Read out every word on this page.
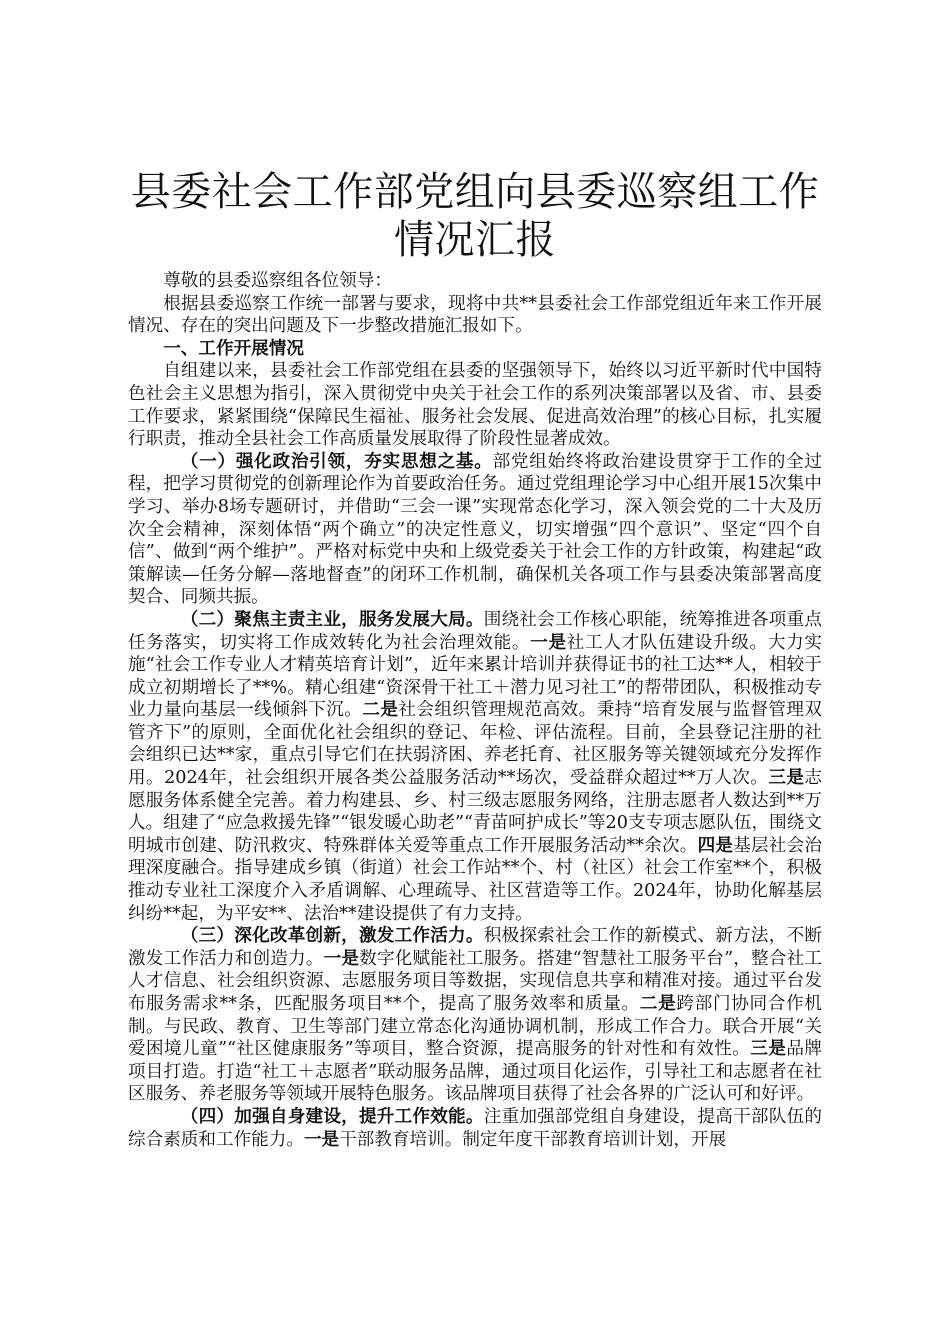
县委社会工作部党组向县委巡察组工作情况汇报

尊敬的县委巡察组各位领导：

根据县委巡察工作统一部署与要求，现将中共**县委社会工作部党组近年来工作开展情况、存在的突出问题及下一步整改措施汇报如下。

一、工作开展情况

自组建以来，县委社会工作部党组在县委的坚强领导下，始终以习近平新时代中国特色社会主义思想为指引，深入贯彻党中央关于社会工作的系列决策部署以及省、市、县委工作要求，紧紧围绕“保障民生福祉、服务社会发展、促进高效治理”的核心目标，扎实履行职责，推动全县社会工作高质量发展取得了阶段性显著成效。

（一）强化政治引领，夯实思想之基。部党组始终将政治建设贯穿于工作的全过程，把学习贯彻党的创新理论作为首要政治任务。通过党组理论学习中心组开展15次集中学习、举办8场专题研讨，并借助“三会一课”实现常态化学习，深入领会党的二十大及历次全会精神，深刻体悟“两个确立”的决定性意义，切实增强“四个意识”、坚定“四个自信”、做到“两个维护”。严格对标党中央和上级党委关于社会工作的方针政策，构建起“政策解读—任务分解—落地督查”的闭环工作机制，确保机关各项工作与县委决策部署高度契合、同频共振。

（二）聚焦主责主业，服务发展大局。围绕社会工作核心职能，统筹推进各项重点任务落实，切实将工作成效转化为社会治理效能。一是社工人才队伍建设升级。大力实施“社会工作专业人才精英培育计划”，近年来累计培训并获得证书的社工达**人，相较于成立初期增长了**%。精心组建“资深骨干社工＋潜力见习社工”的帮带团队，积极推动专业力量向基层一线倾斜下沉。二是社会组织管理规范高效。秉持“培育发展与监督管理双管齐下”的原则，全面优化社会组织的登记、年检、评估流程。目前，全县登记注册的社会组织已达**家，重点引导它们在扶弱济困、养老托育、社区服务等关键领域充分发挥作用。2024年，社会组织开展各类公益服务活动**场次，受益群众超过**万人次。三是志愿服务体系健全完善。着力构建县、乡、村三级志愿服务网络，注册志愿者人数达到**万人。组建了“应急救援先锋”“银发暖心助老”“青苗呵护成长”等20支专项志愿队伍，围绕文明城市创建、防汛救灾、特殊群体关爱等重点工作开展服务活动**余次。四是基层社会治理深度融合。指导建成乡镇（街道）社会工作站**个、村（社区）社会工作室**个，积极推动专业社工深度介入矛盾调解、心理疏导、社区营造等工作。2024年，协助化解基层纠纷**起，为平安**、法治**建设提供了有力支持。

（三）深化改革创新，激发工作活力。积极探索社会工作的新模式、新方法，不断激发工作活力和创造力。一是数字化赋能社工服务。搭建“智慧社工服务平台”，整合社工人才信息、社会组织资源、志愿服务项目等数据，实现信息共享和精准对接。通过平台发布服务需求**条，匹配服务项目**个，提高了服务效率和质量。二是跨部门协同合作机制。与民政、教育、卫生等部门建立常态化沟通协调机制，形成工作合力。联合开展“关爱困境儿童”“社区健康服务”等项目，整合资源，提高服务的针对性和有效性。三是品牌项目打造。打造“社工＋志愿者”联动服务品牌，通过项目化运作，引导社工和志愿者在社区服务、养老服务等领域开展特色服务。该品牌项目获得了社会各界的广泛认可和好评。

（四）加强自身建设，提升工作效能。注重加强部党组自身建设，提高干部队伍的综合素质和工作能力。一是干部教育培训。制定年度干部教育培训计划，开展
